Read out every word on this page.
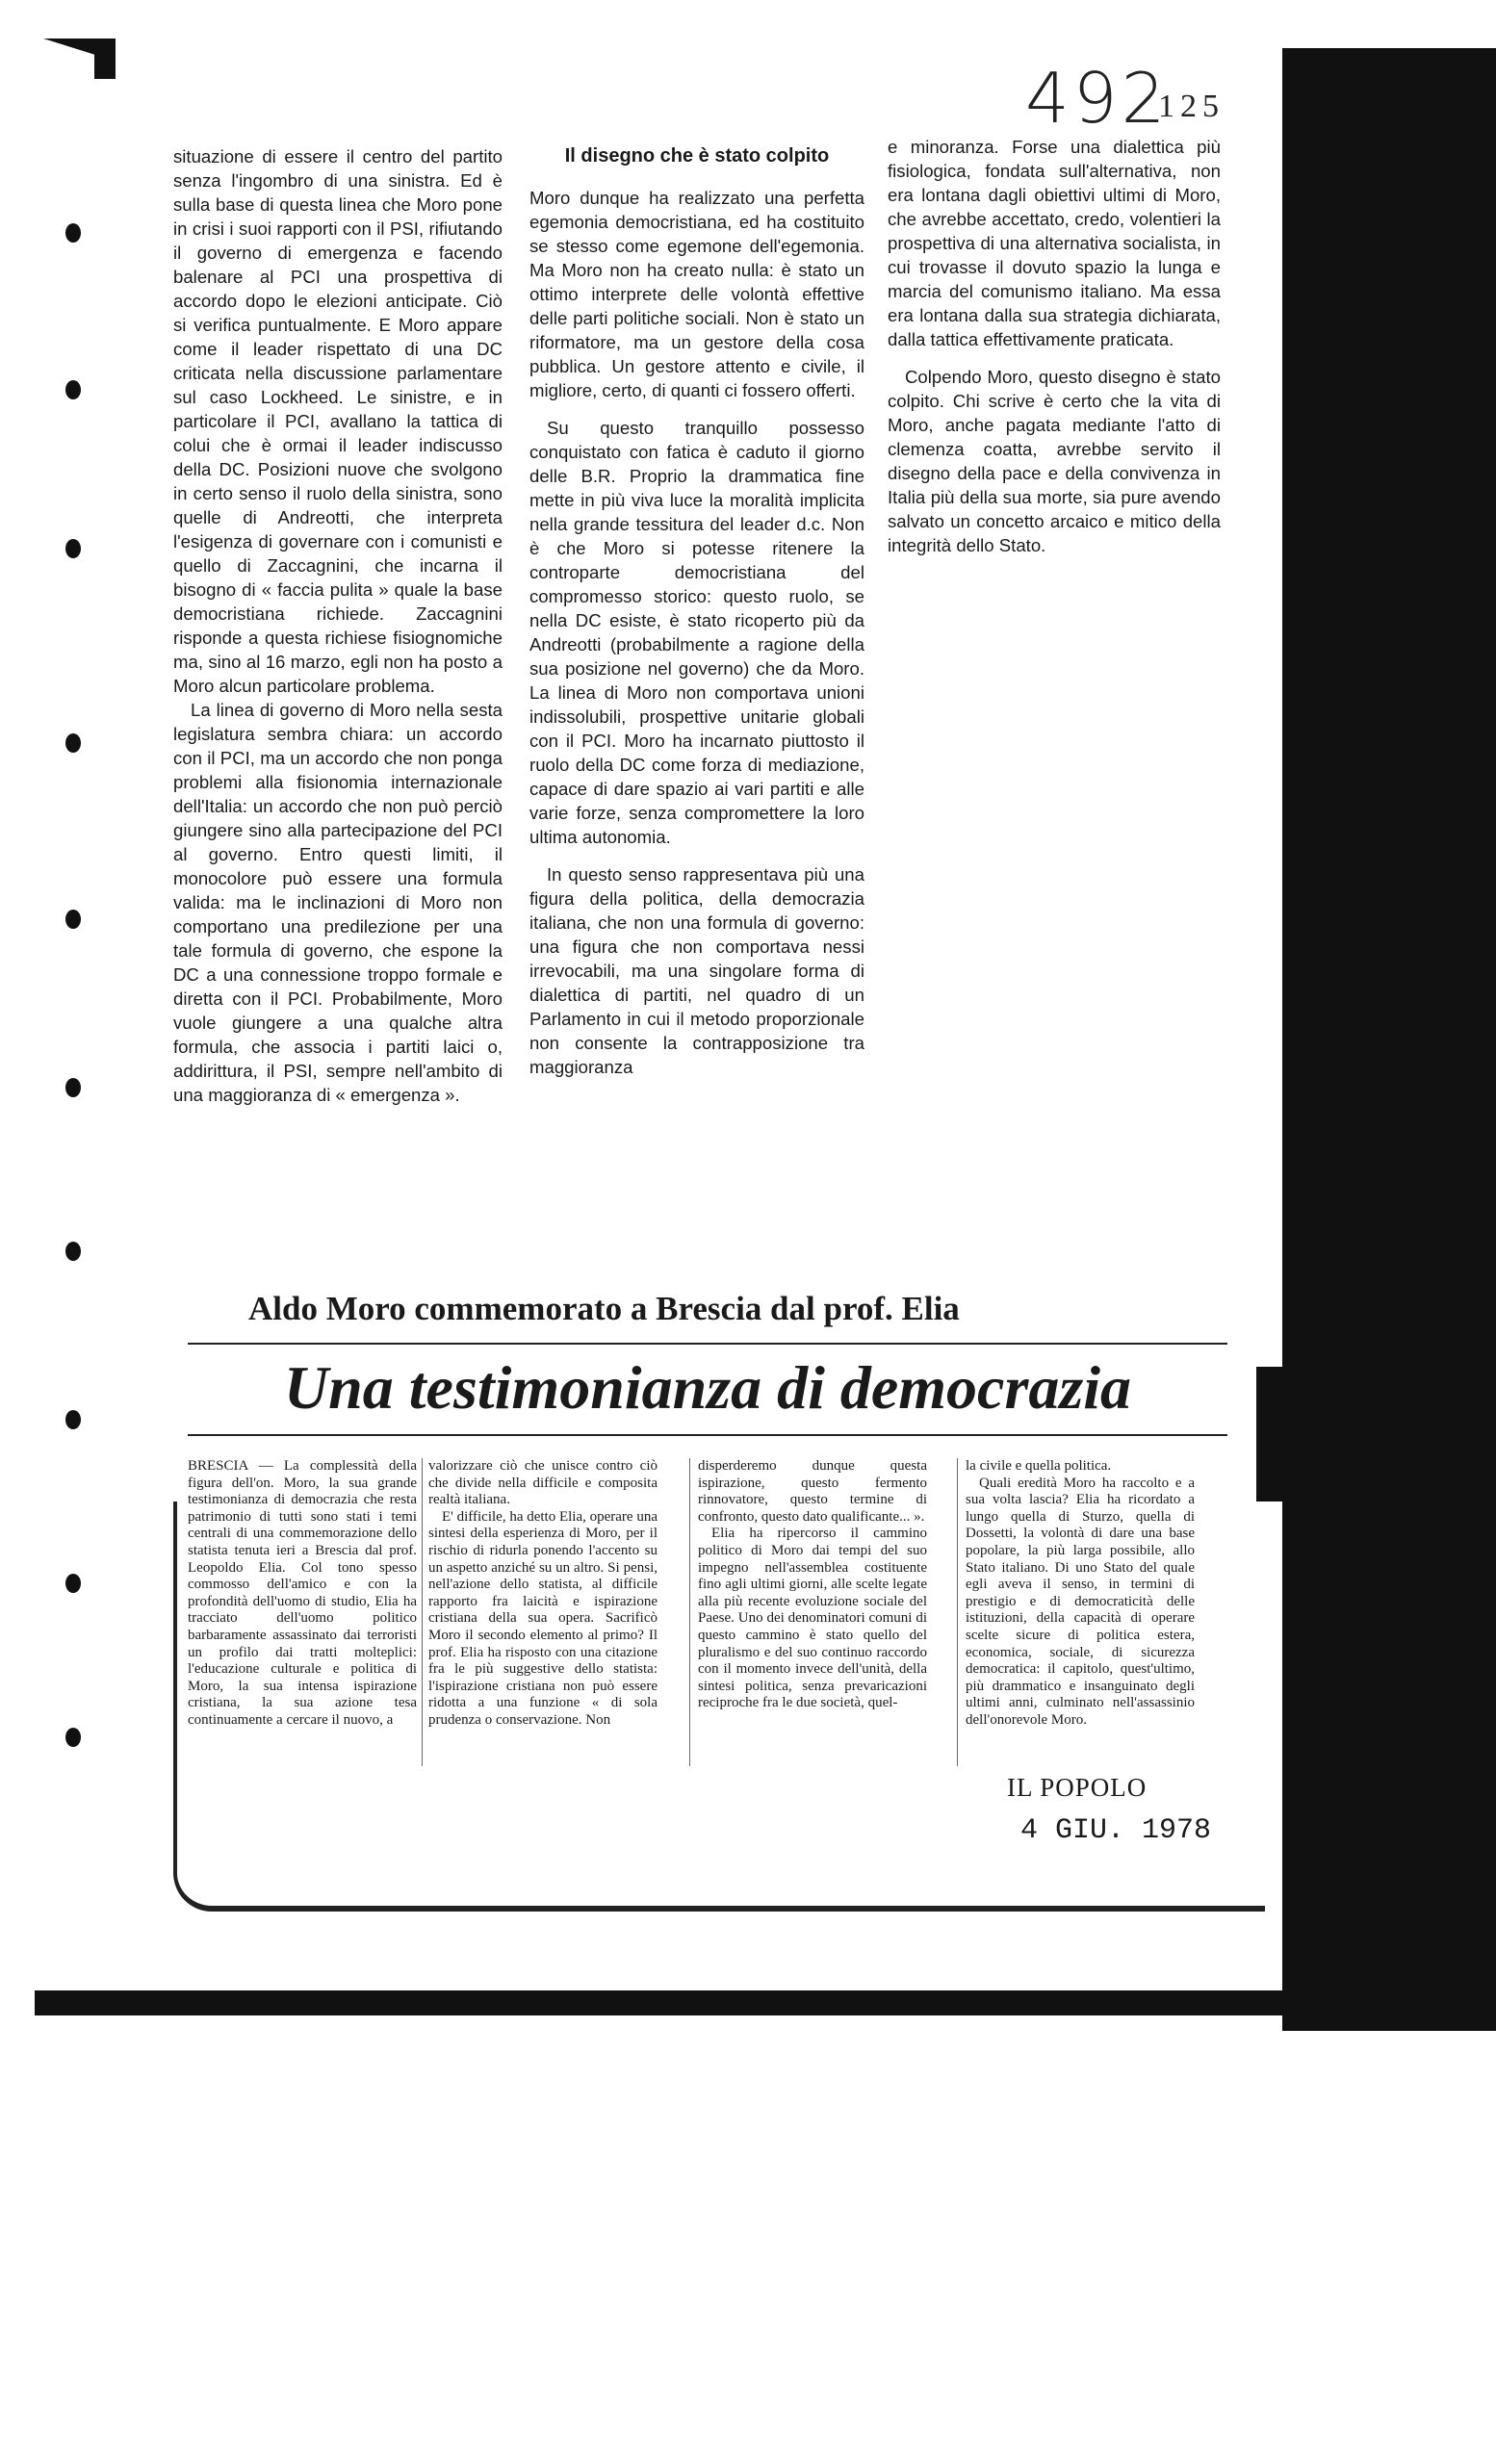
492
125

situazione di essere il centro del partito senza l'ingombro di una sinistra. Ed è sulla base di questa linea che Moro pone in crisi i suoi rapporti con il PSI, rifiutando il governo di emergenza e facendo balenare al PCI una prospettiva di accordo dopo le elezioni anticipate. Ciò si verifica puntualmente. E Moro appare come il leader rispettato di una DC criticata nella discussione parlamentare sul caso Lockheed. Le sinistre, e in particolare il PCI, avallano la tattica di colui che è ormai il leader indiscusso della DC. Posizioni nuove che svolgono in certo senso il ruolo della sinistra, sono quelle di Andreotti, che interpreta l'esigenza di governare con i comunisti e quello di Zaccagnini, che incarna il bisogno di « faccia pulita » quale la base democristiana richiede. Zaccagnini risponde a questa richiese fisiognomiche ma, sino al 16 marzo, egli non ha posto a Moro alcun particolare problema.

La linea di governo di Moro nella sesta legislatura sembra chiara: un accordo con il PCI, ma un accordo che non ponga problemi alla fisionomia internazionale dell'Italia: un accordo che non può perciò giungere sino alla partecipazione del PCI al governo. Entro questi limiti, il monocolore può essere una formula valida: ma le inclinazioni di Moro non comportano una predilezione per una tale formula di governo, che espone la DC a una connessione troppo formale e diretta con il PCI. Probabilmente, Moro vuole giungere a una qualche altra formula, che associa i partiti laici o, addirittura, il PSI, sempre nell'ambito di una maggioranza di « emergenza ».

Il disegno che è stato colpito

Moro dunque ha realizzato una perfetta egemonia democristiana, ed ha costituito se stesso come egemone dell'egemonia. Ma Moro non ha creato nulla: è stato un ottimo interprete delle volontà effettive delle parti politiche sociali. Non è stato un riformatore, ma un gestore della cosa pubblica. Un gestore attento e civile, il migliore, certo, di quanti ci fossero offerti.

Su questo tranquillo possesso conquistato con fatica è caduto il giorno delle B.R. Proprio la drammatica fine mette in più viva luce la moralità implicita nella grande tessitura del leader d.c. Non è che Moro si potesse ritenere la controparte democristiana del compromesso storico: questo ruolo, se nella DC esiste, è stato ricoperto più da Andreotti (probabilmente a ragione della sua posizione nel governo) che da Moro. La linea di Moro non comportava unioni indissolubili, prospettive unitarie globali con il PCI. Moro ha incarnato piuttosto il ruolo della DC come forza di mediazione, capace di dare spazio ai vari partiti e alle varie forze, senza compromettere la loro ultima autonomia.

In questo senso rappresentava più una figura della politica, della democrazia italiana, che non una formula di governo: una figura che non comportava nessi irrevocabili, ma una singolare forma di dialettica di partiti, nel quadro di un Parlamento in cui il metodo proporzionale non consente la contrapposizione tra maggioranza

e minoranza. Forse una dialettica più fisiologica, fondata sull'alternativa, non era lontana dagli obiettivi ultimi di Moro, che avrebbe accettato, credo, volentieri la prospettiva di una alternativa socialista, in cui trovasse il dovuto spazio la lunga e marcia del comunismo italiano. Ma essa era lontana dalla sua strategia dichiarata, dalla tattica effettivamente praticata.

Colpendo Moro, questo disegno è stato colpito. Chi scrive è certo che la vita di Moro, anche pagata mediante l'atto di clemenza coatta, avrebbe servito il disegno della pace e della convivenza in Italia più della sua morte, sia pure avendo salvato un concetto arcaico e mitico della integrità dello Stato.

Aldo Moro commemorato a Brescia dal prof. Elia
Una testimonianza di democrazia

BRESCIA — La complessità della figura dell'on. Moro, la sua grande testimonianza di democrazia che resta patrimonio di tutti sono stati i temi centrali di una commemorazione dello statista tenuta ieri a Brescia dal prof. Leopoldo Elia. Col tono spesso commosso dell'amico e con la profondità dell'uomo di studio, Elia ha tracciato dell'uomo politico barbaramente assassinato dai terroristi un profilo dai tratti molteplici: l'educazione culturale e politica di Moro, la sua intensa ispirazione cristiana, la sua azione tesa continuamente a cercare il nuovo, a

valorizzare ciò che unisce contro ciò che divide nella difficile e composita realtà italiana.

E' difficile, ha detto Elia, operare una sintesi della esperienza di Moro, per il rischio di ridurla ponendo l'accento su un aspetto anziché su un altro. Si pensi, nell'azione dello statista, al difficile rapporto fra laicità e ispirazione cristiana della sua opera. Sacrificò Moro il secondo elemento al primo? Il prof. Elia ha risposto con una citazione fra le più suggestive dello statista: l'ispirazione cristiana non può essere ridotta a una funzione « di sola prudenza o conservazione. Non

disperderemo dunque questa ispirazione, questo fermento rinnovatore, questo termine di confronto, questo dato qualificante... ».

Elia ha ripercorso il cammino politico di Moro dai tempi del suo impegno nell'assemblea costituente fino agli ultimi giorni, alle scelte legate alla più recente evoluzione sociale del Paese. Uno dei denominatori comuni di questo cammino è stato quello del pluralismo e del suo continuo raccordo con il momento invece dell'unità, della sintesi politica, senza prevaricazioni reciproche fra le due società, quel-

la civile e quella politica.

Quali eredità Moro ha raccolto e a sua volta lascia? Elia ha ricordato a lungo quella di Sturzo, quella di Dossetti, la volontà di dare una base popolare, la più larga possibile, allo Stato italiano. Di uno Stato del quale egli aveva il senso, in termini di prestigio e di democraticità delle istituzioni, della capacità di operare scelte sicure di politica estera, economica, sociale, di sicurezza democratica: il capitolo, quest'ultimo, più drammatico e insanguinato degli ultimi anni, culminato nell'assassinio dell'onorevole Moro.

IL POPOLO
4 GIU. 1978
